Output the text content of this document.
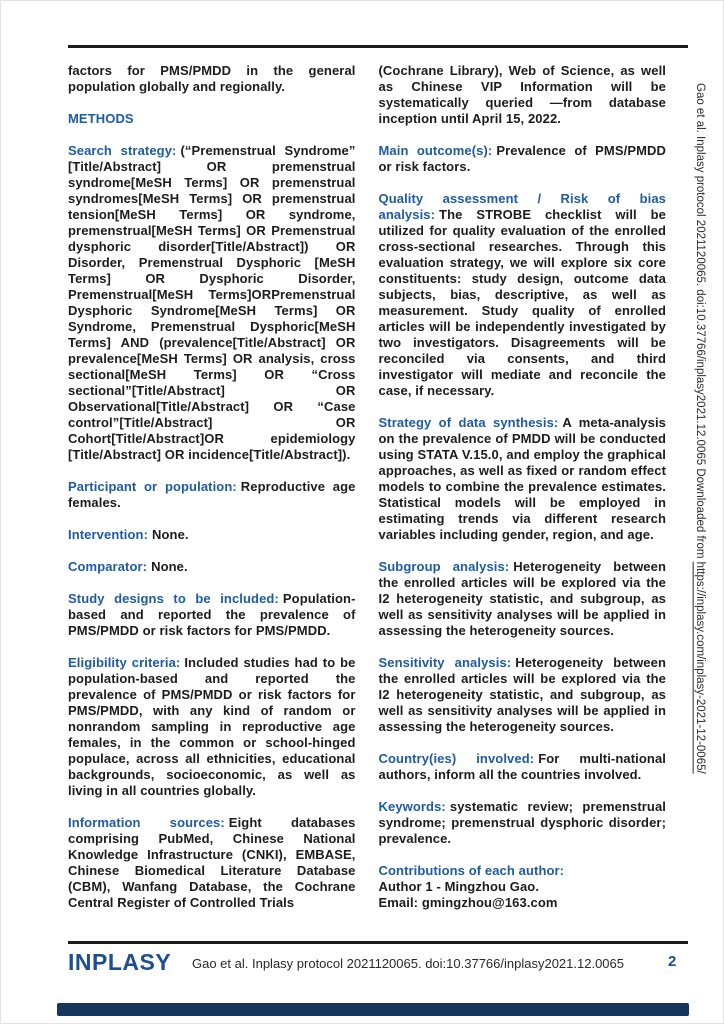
factors for PMS/PMDD in the general population globally and regionally.

METHODS

Search strategy: (“Premenstrual Syndrome” [Title/Abstract] OR premenstrual syndrome[MeSH Terms] OR premenstrual syndromes[MeSH Terms] OR premenstrual tension[MeSH Terms] OR syndrome, premenstrual[MeSH Terms] OR Premenstrual dysphoric disorder[Title/Abstract]) OR Disorder, Premenstrual Dysphoric [MeSH Terms] OR Dysphoric Disorder, Premenstrual[MeSH Terms]ORPremenstrual Dysphoric Syndrome[MeSH Terms] OR Syndrome, Premenstrual Dysphoric[MeSH Terms] AND (prevalence[Title/Abstract] OR prevalence[MeSH Terms] OR analysis, cross sectional[MeSH Terms] OR “Cross sectional”[Title/Abstract] OR Observational[Title/Abstract] OR “Case control”[Title/Abstract] OR Cohort[Title/Abstract]OR epidemiology [Title/Abstract] OR incidence[Title/Abstract]).

Participant or population: Reproductive age females.

Intervention: None.

Comparator: None.

Study designs to be included: Population-based and reported the prevalence of PMS/PMDD or risk factors for PMS/PMDD.

Eligibility criteria: Included studies had to be population-based and reported the prevalence of PMS/PMDD or risk factors for PMS/PMDD, with any kind of random or nonrandom sampling in reproductive age females, in the common or school-hinged populace, across all ethnicities, educational backgrounds, socioeconomic, as well as living in all countries globally.

Information sources: Eight databases comprising PubMed, Chinese National Knowledge Infrastructure (CNKI), EMBASE, Chinese Biomedical Literature Database (CBM), Wanfang Database, the Cochrane Central Register of Controlled Trials

(Cochrane Library), Web of Science, as well as Chinese VIP Information will be systematically queried —from database inception until April 15, 2022.

Main outcome(s): Prevalence of PMS/PMDD or risk factors.

Quality assessment / Risk of bias analysis: The STROBE checklist will be utilized for quality evaluation of the enrolled cross-sectional researches. Through this evaluation strategy, we will explore six core constituents: study design, outcome data subjects, bias, descriptive, as well as measurement. Study quality of enrolled articles will be independently investigated by two investigators. Disagreements will be reconciled via consents, and third investigator will mediate and reconcile the case, if necessary.

Strategy of data synthesis: A meta-analysis on the prevalence of PMDD will be conducted using STATA V.15.0, and employ the graphical approaches, as well as fixed or random effect models to combine the prevalence estimates. Statistical models will be employed in estimating trends via different research variables including gender, region, and age.

Subgroup analysis: Heterogeneity between the enrolled articles will be explored via the I2 heterogeneity statistic, and subgroup, as well as sensitivity analyses will be applied in assessing the heterogeneity sources.

Sensitivity analysis: Heterogeneity between the enrolled articles will be explored via the I2 heterogeneity statistic, and subgroup, as well as sensitivity analyses will be applied in assessing the heterogeneity sources.

Country(ies) involved: For multi-national authors, inform all the countries involved.

Keywords: systematic review; premenstrual syndrome; premenstrual dysphoric disorder; prevalence.

Contributions of each author:
Author 1 - Mingzhou Gao.
Email: gmingzhou@163.com

Gao et al. Inplasy protocol 2021120065. doi:10.37766/inplasy2021.12.0065 Downloaded from https://inplasy.com/inplasy-2021-12-0065/
INPLASY Gao et al. Inplasy protocol 2021120065. doi:10.37766/inplasy2021.12.0065	2
